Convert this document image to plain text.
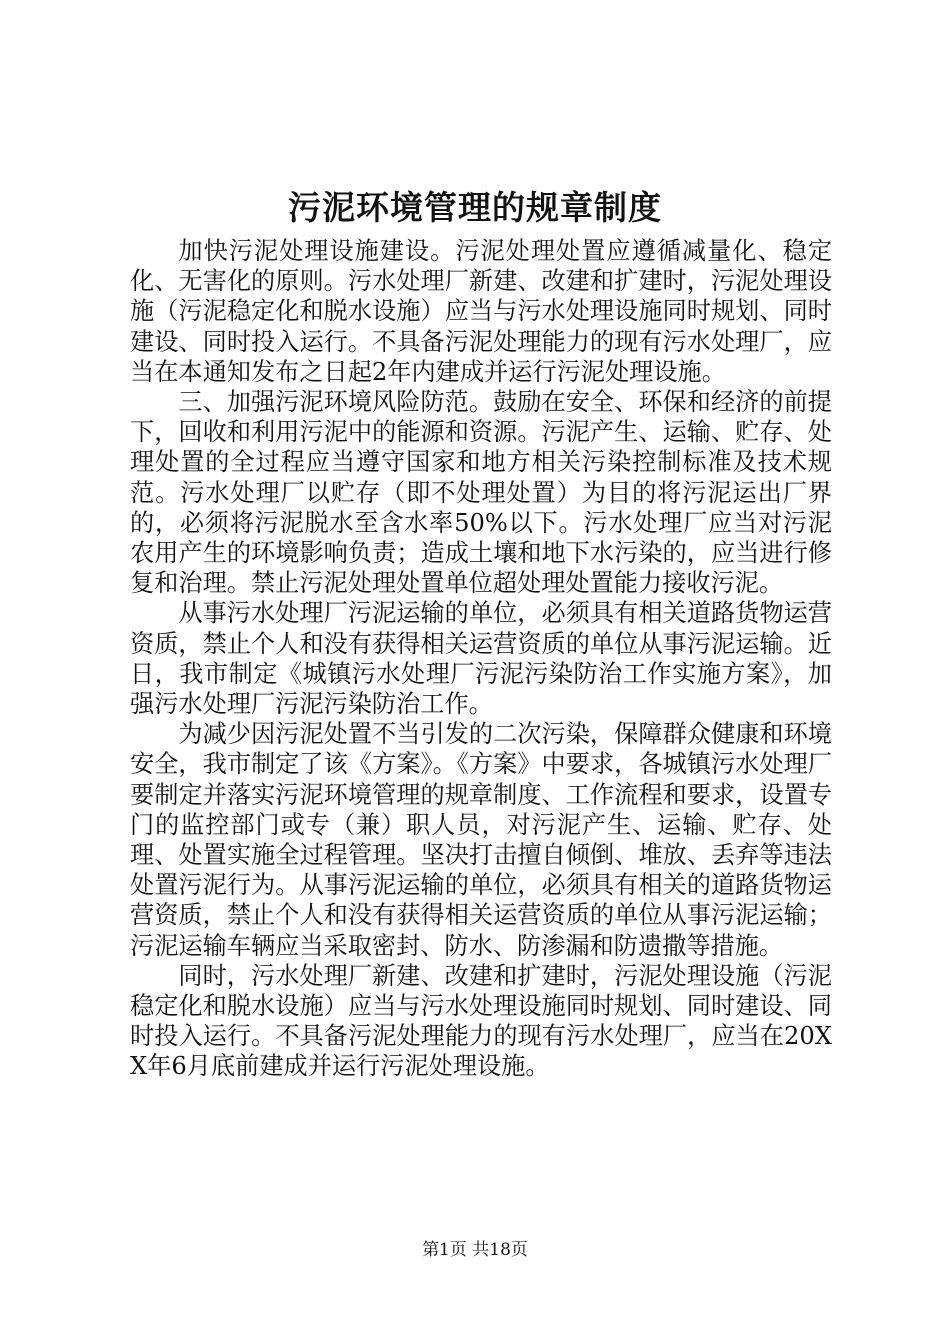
污泥环境管理的规章制度

加快污泥处理设施建设。污泥处理处置应遵循减量化、稳定化、无害化的原则。污水处理厂新建、改建和扩建时，污泥处理设施（污泥稳定化和脱水设施）应当与污水处理设施同时规划、同时建设、同时投入运行。不具备污泥处理能力的现有污水处理厂，应当在本通知发布之日起2年内建成并运行污泥处理设施。

三、加强污泥环境风险防范。鼓励在安全、环保和经济的前提下，回收和利用污泥中的能源和资源。污泥产生、运输、贮存、处理处置的全过程应当遵守国家和地方相关污染控制标准及技术规范。污水处理厂以贮存（即不处理处置）为目的将污泥运出厂界的，必须将污泥脱水至含水率50%以下。污水处理厂应当对污泥农用产生的环境影响负责；造成土壤和地下水污染的，应当进行修复和治理。禁止污泥处理处置单位超处理处置能力接收污泥。

从事污水处理厂污泥运输的单位，必须具有相关道路货物运营资质，禁止个人和没有获得相关运营资质的单位从事污泥运输。近日，我市制定《城镇污水处理厂污泥污染防治工作实施方案》，加强污水处理厂污泥污染防治工作。

为减少因污泥处置不当引发的二次污染，保障群众健康和环境安全，我市制定了该《方案》。《方案》中要求，各城镇污水处理厂要制定并落实污泥环境管理的规章制度、工作流程和要求，设置专门的监控部门或专（兼）职人员，对污泥产生、运输、贮存、处理、处置实施全过程管理。坚决打击擅自倾倒、堆放、丢弃等违法处置污泥行为。从事污泥运输的单位，必须具有相关的道路货物运营资质，禁止个人和没有获得相关运营资质的单位从事污泥运输；污泥运输车辆应当采取密封、防水、防渗漏和防遗撒等措施。

同时，污水处理厂新建、改建和扩建时，污泥处理设施（污泥稳定化和脱水设施）应当与污水处理设施同时规划、同时建设、同时投入运行。不具备污泥处理能力的现有污水处理厂，应当在20XX年6月底前建成并运行污泥处理设施。

第1页 共18页
